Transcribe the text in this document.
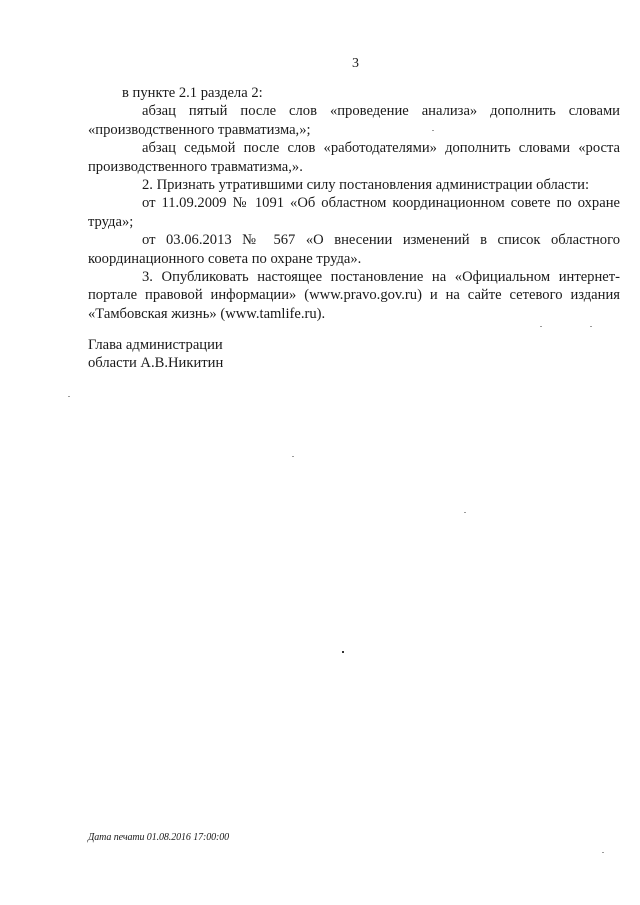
3

в пункте 2.1 раздела 2:

абзац пятый после слов «проведение анализа» дополнить словами «производственного травматизма,»;

абзац седьмой после слов «работодателями» дополнить словами «роста производственного травматизма,».

2. Признать утратившими силу постановления администрации области:

от 11.09.2009 № 1091 «Об областном координационном совете по охране труда»;

от 03.06.2013 № 567 «О внесении изменений в список областного координационного совета по охране труда».

3. Опубликовать настоящее постановление на «Официальном интернет-портале правовой информации» (www.pravo.gov.ru) и на сайте сетевого издания «Тамбовская жизнь» (www.tamlife.ru).

Глава администрации
области А.В.Никитин
Дата печати 01.08.2016 17:00:00
